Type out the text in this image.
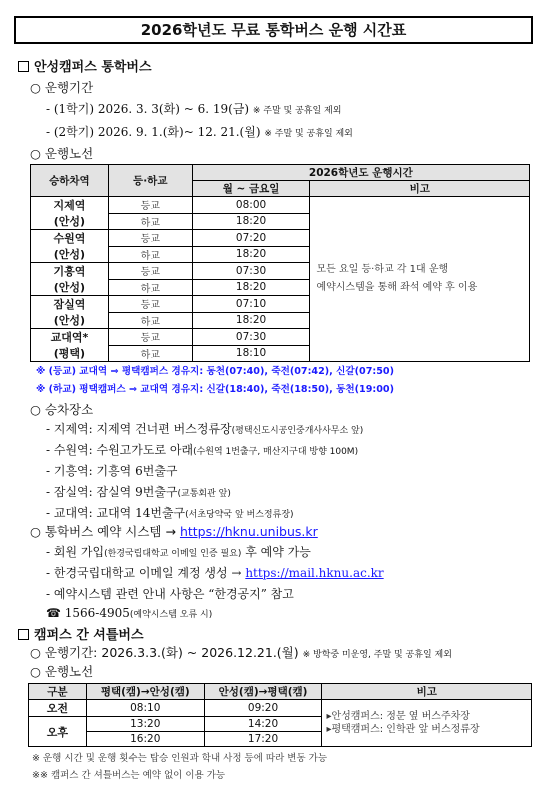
2026학년도 무료 통학버스 운행 시간표
안성캠퍼스 통학버스
○ 운행기간
- (1학기) 2026. 3. 3(화) ~ 6. 19(금) ※ 주말 및 공휴일 제외
- (2학기) 2026. 9. 1.(화)~ 12. 21.(월) ※ 주말 및 공휴일 제외
○ 운행노선
승하차역	등·하교	2026학년도 운행시간	
		월 ~ 금요일	비고
지제역
(안성)	등교	08:00	모든 요일 등·하교 각 1대 운행
예약시스템을 통해 좌석 예약 후 이용
	하교	18:20	
수원역
(안성)	등교	07:20	
	하교	18:20	
기흥역
(안성)	등교	07:30	
	하교	18:20	
잠실역
(안성)	등교	07:10	
	하교	18:20	
교대역*
(평택)	등교	07:30	
	하교	18:10	
※ (등교) 교대역 ⇒ 평택캠퍼스 경유지: 동천(07:40), 죽전(07:42), 신갈(07:50)
※ (하교) 평택캠퍼스 ⇒ 교대역 경유지: 신갈(18:40), 죽전(18:50), 동천(19:00)
○ 승차장소
- 지제역: 지제역 건너편 버스정류장(평택신도시공인중개사사무소 앞)
- 수원역: 수원고가도로 아래(수원역 1번출구, 매산지구대 방향 100M)
- 기흥역: 기흥역 6번출구
- 잠실역: 잠실역 9번출구(교통회관 앞)
- 교대역: 교대역 14번출구(서초당약국 앞 버스정류장)
○ 통학버스 예약 시스템 → https://hknu.unibus.kr
- 회원 가입(한경국립대학교 이메일 인증 필요) 후 예약 가능
- 한경국립대학교 이메일 계정 생성 → https://mail.hknu.ac.kr
- 예약시스템 관련 안내 사항은 “한경공지” 참고
☎ 1566-4905(예약시스템 오류 시)
캠퍼스 간 셔틀버스
○ 운행기간: 2026.3.3.(화) ~ 2026.12.21.(월) ※ 방학중 미운영, 주말 및 공휴일 제외
○ 운행노선
구분	평택(캠)→안성(캠)	안성(캠)→평택(캠)	비고
오전	08:10	09:20	▸안성캠퍼스: 정문 옆 버스주차장
▸평택캠퍼스: 인학관 앞 버스정류장
오후	13:20	14:20	
	16:20	17:20	
※ 운행 시간 및 운행 횟수는 탑승 인원과 학내 사정 등에 따라 변동 가능
※※ 캠퍼스 간 셔틀버스는 예약 없이 이용 가능
